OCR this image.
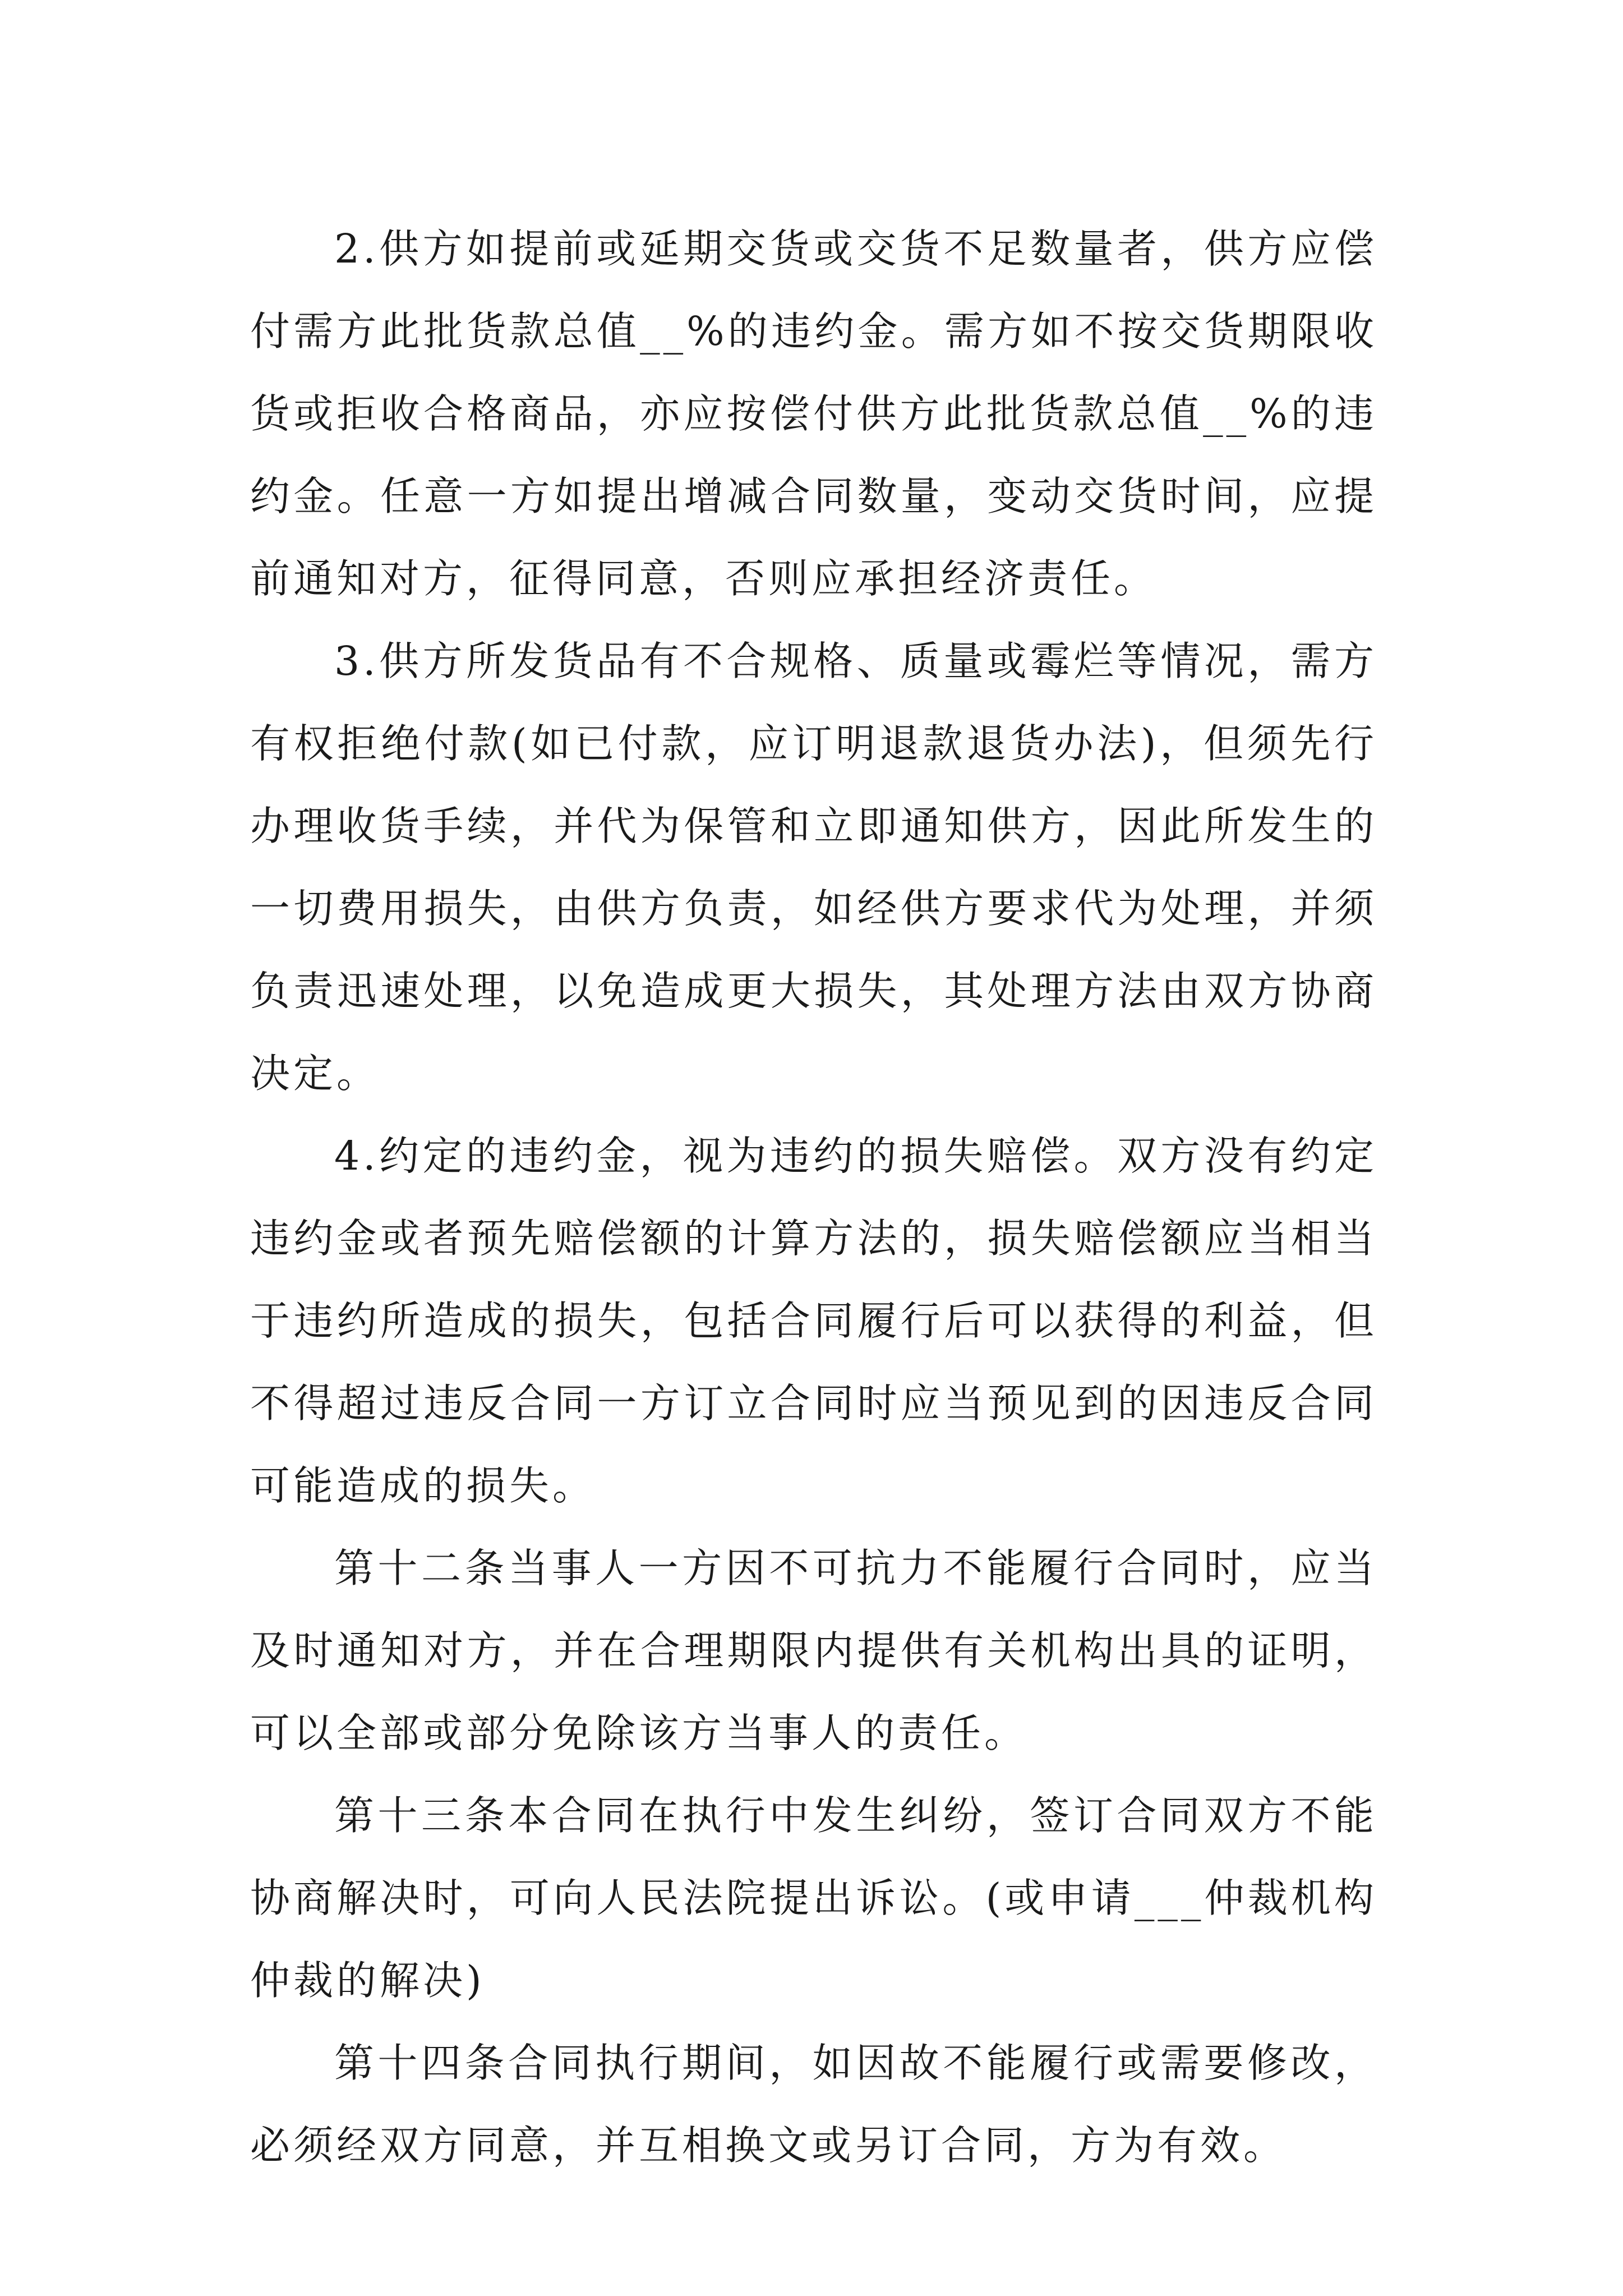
2.供方如提前或延期交货或交货不足数量者，供方应偿付需方此批货款总值__%的违约金。需方如不按交货期限收货或拒收合格商品，亦应按偿付供方此批货款总值__%的违约金。任意一方如提出增减合同数量，变动交货时间，应提前通知对方，征得同意，否则应承担经济责任。

3.供方所发货品有不合规格、质量或霉烂等情况，需方有权拒绝付款(如已付款，应订明退款退货办法)，但须先行办理收货手续，并代为保管和立即通知供方，因此所发生的一切费用损失，由供方负责，如经供方要求代为处理，并须负责迅速处理，以免造成更大损失，其处理方法由双方协商决定。

4.约定的违约金，视为违约的损失赔偿。双方没有约定违约金或者预先赔偿额的计算方法的，损失赔偿额应当相当于违约所造成的损失，包括合同履行后可以获得的利益，但不得超过违反合同一方订立合同时应当预见到的因违反合同可能造成的损失。

第十二条当事人一方因不可抗力不能履行合同时，应当及时通知对方，并在合理期限内提供有关机构出具的证明，可以全部或部分免除该方当事人的责任。

第十三条本合同在执行中发生纠纷，签订合同双方不能协商解决时，可向人民法院提出诉讼。(或申请___仲裁机构仲裁的解决)

第十四条合同执行期间，如因故不能履行或需要修改，必须经双方同意，并互相换文或另订合同，方为有效。
